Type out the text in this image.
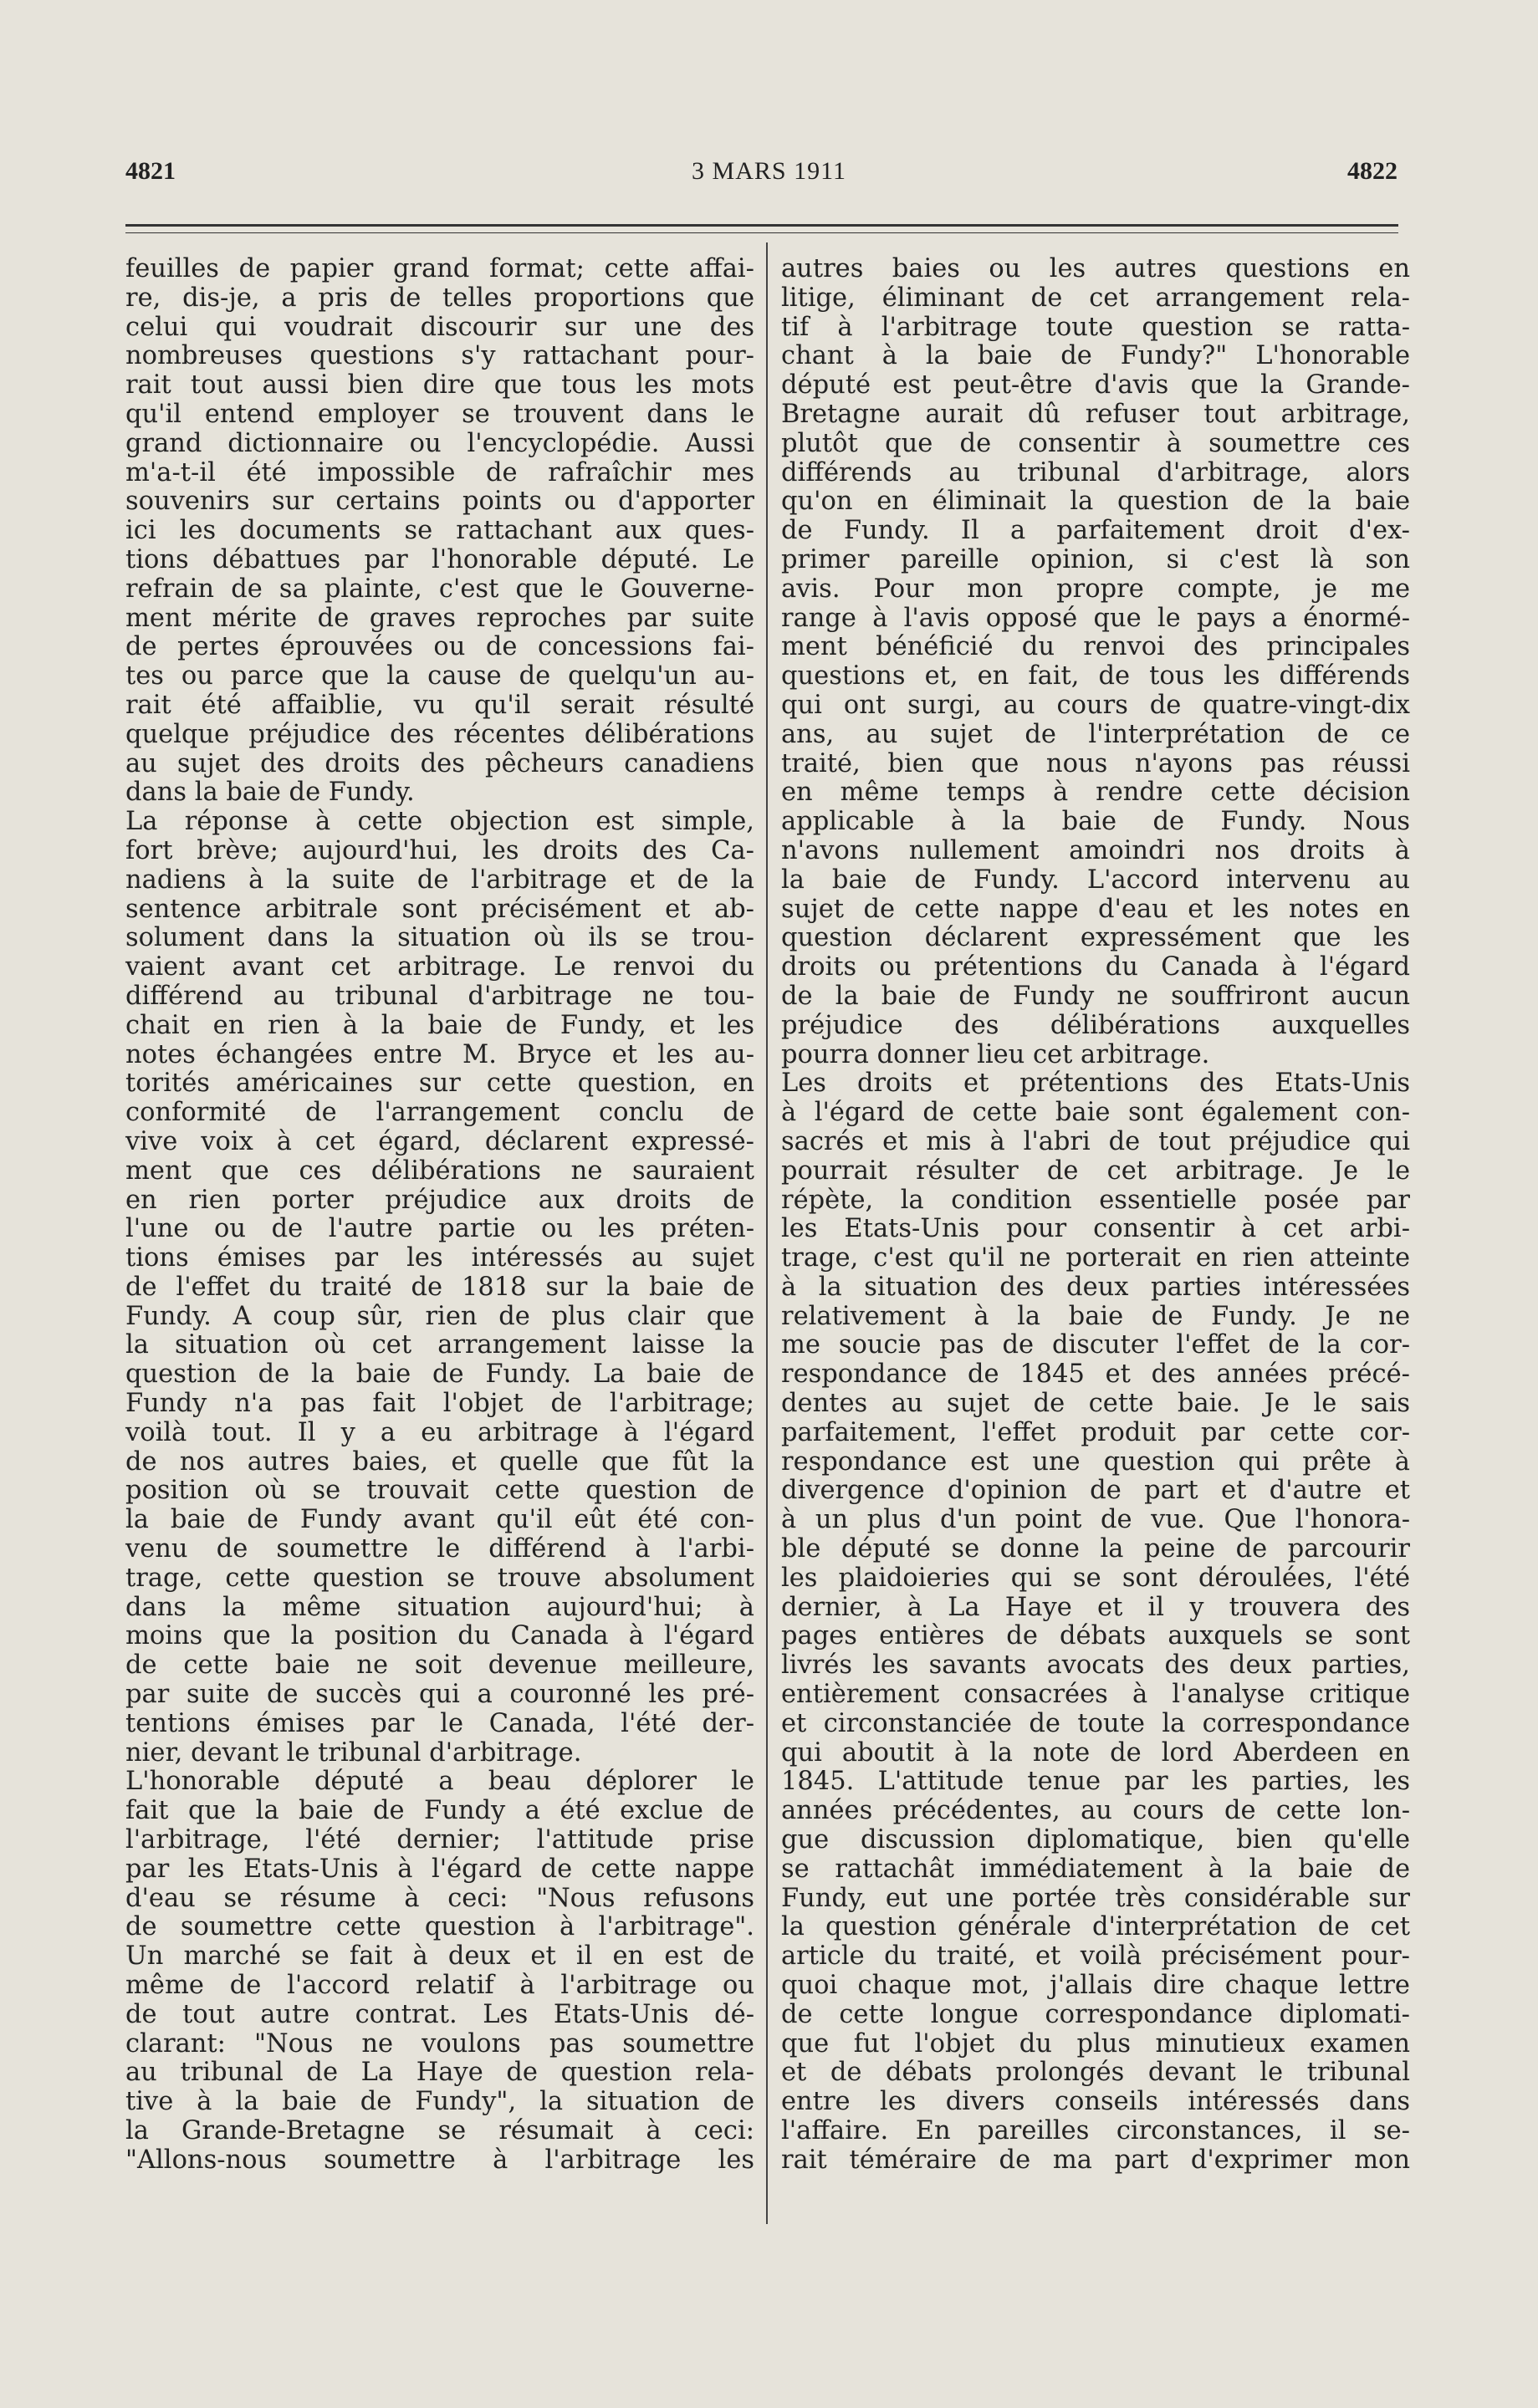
4821	3 MARS 1911	4822
feuilles de papier grand format; cette affai-
re, dis-je, a pris de telles proportions que
celui qui voudrait discourir sur une des
nombreuses questions s'y rattachant pour-
rait tout aussi bien dire que tous les mots
qu'il entend employer se trouvent dans le
grand dictionnaire ou l'encyclopédie. Aussi
m'a-t-il été impossible de rafraîchir mes
souvenirs sur certains points ou d'apporter
ici les documents se rattachant aux ques-
tions débattues par l'honorable député. Le
refrain de sa plainte, c'est que le Gouverne-
ment mérite de graves reproches par suite
de pertes éprouvées ou de concessions fai-
tes ou parce que la cause de quelqu'un au-
rait été affaiblie, vu qu'il serait résulté
quelque préjudice des récentes délibérations
au sujet des droits des pêcheurs canadiens
dans la baie de Fundy.
La réponse à cette objection est simple,
fort brève; aujourd'hui, les droits des Ca-
nadiens à la suite de l'arbitrage et de la
sentence arbitrale sont précisément et ab-
solument dans la situation où ils se trou-
vaient avant cet arbitrage. Le renvoi du
différend au tribunal d'arbitrage ne tou-
chait en rien à la baie de Fundy, et les
notes échangées entre M. Bryce et les au-
torités américaines sur cette question, en
conformité de l'arrangement conclu de
vive voix à cet égard, déclarent expressé-
ment que ces délibérations ne sauraient
en rien porter préjudice aux droits de
l'une ou de l'autre partie ou les préten-
tions émises par les intéressés au sujet
de l'effet du traité de 1818 sur la baie de
Fundy. A coup sûr, rien de plus clair que
la situation où cet arrangement laisse la
question de la baie de Fundy. La baie de
Fundy n'a pas fait l'objet de l'arbitrage;
voilà tout. Il y a eu arbitrage à l'égard
de nos autres baies, et quelle que fût la
position où se trouvait cette question de
la baie de Fundy avant qu'il eût été con-
venu de soumettre le différend à l'arbi-
trage, cette question se trouve absolument
dans la même situation aujourd'hui; à
moins que la position du Canada à l'égard
de cette baie ne soit devenue meilleure,
par suite de succès qui a couronné les pré-
tentions émises par le Canada, l'été der-
nier, devant le tribunal d'arbitrage.
L'honorable député a beau déplorer le
fait que la baie de Fundy a été exclue de
l'arbitrage, l'été dernier; l'attitude prise
par les Etats-Unis à l'égard de cette nappe
d'eau se résume à ceci: "Nous refusons
de soumettre cette question à l'arbitrage".
Un marché se fait à deux et il en est de
même de l'accord relatif à l'arbitrage ou
de tout autre contrat. Les Etats-Unis dé-
clarant: "Nous ne voulons pas soumettre
au tribunal de La Haye de question rela-
tive à la baie de Fundy", la situation de
la Grande-Bretagne se résumait à ceci:
"Allons-nous soumettre à l'arbitrage les
autres baies ou les autres questions en
litige, éliminant de cet arrangement rela-
tif à l'arbitrage toute question se ratta-
chant à la baie de Fundy?" L'honorable
député est peut-être d'avis que la Grande-
Bretagne aurait dû refuser tout arbitrage,
plutôt que de consentir à soumettre ces
différends au tribunal d'arbitrage, alors
qu'on en éliminait la question de la baie
de Fundy. Il a parfaitement droit d'ex-
primer pareille opinion, si c'est là son
avis. Pour mon propre compte, je me
range à l'avis opposé que le pays a énormé-
ment bénéficié du renvoi des principales
questions et, en fait, de tous les différends
qui ont surgi, au cours de quatre-vingt-dix
ans, au sujet de l'interprétation de ce
traité, bien que nous n'ayons pas réussi
en même temps à rendre cette décision
applicable à la baie de Fundy. Nous
n'avons nullement amoindri nos droits à
la baie de Fundy. L'accord intervenu au
sujet de cette nappe d'eau et les notes en
question déclarent expressément que les
droits ou prétentions du Canada à l'égard
de la baie de Fundy ne souffriront aucun
préjudice des délibérations auxquelles
pourra donner lieu cet arbitrage.
Les droits et prétentions des Etats-Unis
à l'égard de cette baie sont également con-
sacrés et mis à l'abri de tout préjudice qui
pourrait résulter de cet arbitrage. Je le
répète, la condition essentielle posée par
les Etats-Unis pour consentir à cet arbi-
trage, c'est qu'il ne porterait en rien atteinte
à la situation des deux parties intéressées
relativement à la baie de Fundy. Je ne
me soucie pas de discuter l'effet de la cor-
respondance de 1845 et des années précé-
dentes au sujet de cette baie. Je le sais
parfaitement, l'effet produit par cette cor-
respondance est une question qui prête à
divergence d'opinion de part et d'autre et
à un plus d'un point de vue. Que l'honora-
ble député se donne la peine de parcourir
les plaidoieries qui se sont déroulées, l'été
dernier, à La Haye et il y trouvera des
pages entières de débats auxquels se sont
livrés les savants avocats des deux parties,
entièrement consacrées à l'analyse critique
et circonstanciée de toute la correspondance
qui aboutit à la note de lord Aberdeen en
1845. L'attitude tenue par les parties, les
années précédentes, au cours de cette lon-
gue discussion diplomatique, bien qu'elle
se rattachât immédiatement à la baie de
Fundy, eut une portée très considérable sur
la question générale d'interprétation de cet
article du traité, et voilà précisément pour-
quoi chaque mot, j'allais dire chaque lettre
de cette longue correspondance diplomati-
que fut l'objet du plus minutieux examen
et de débats prolongés devant le tribunal
entre les divers conseils intéressés dans
l'affaire. En pareilles circonstances, il se-
rait téméraire de ma part d'exprimer mon
